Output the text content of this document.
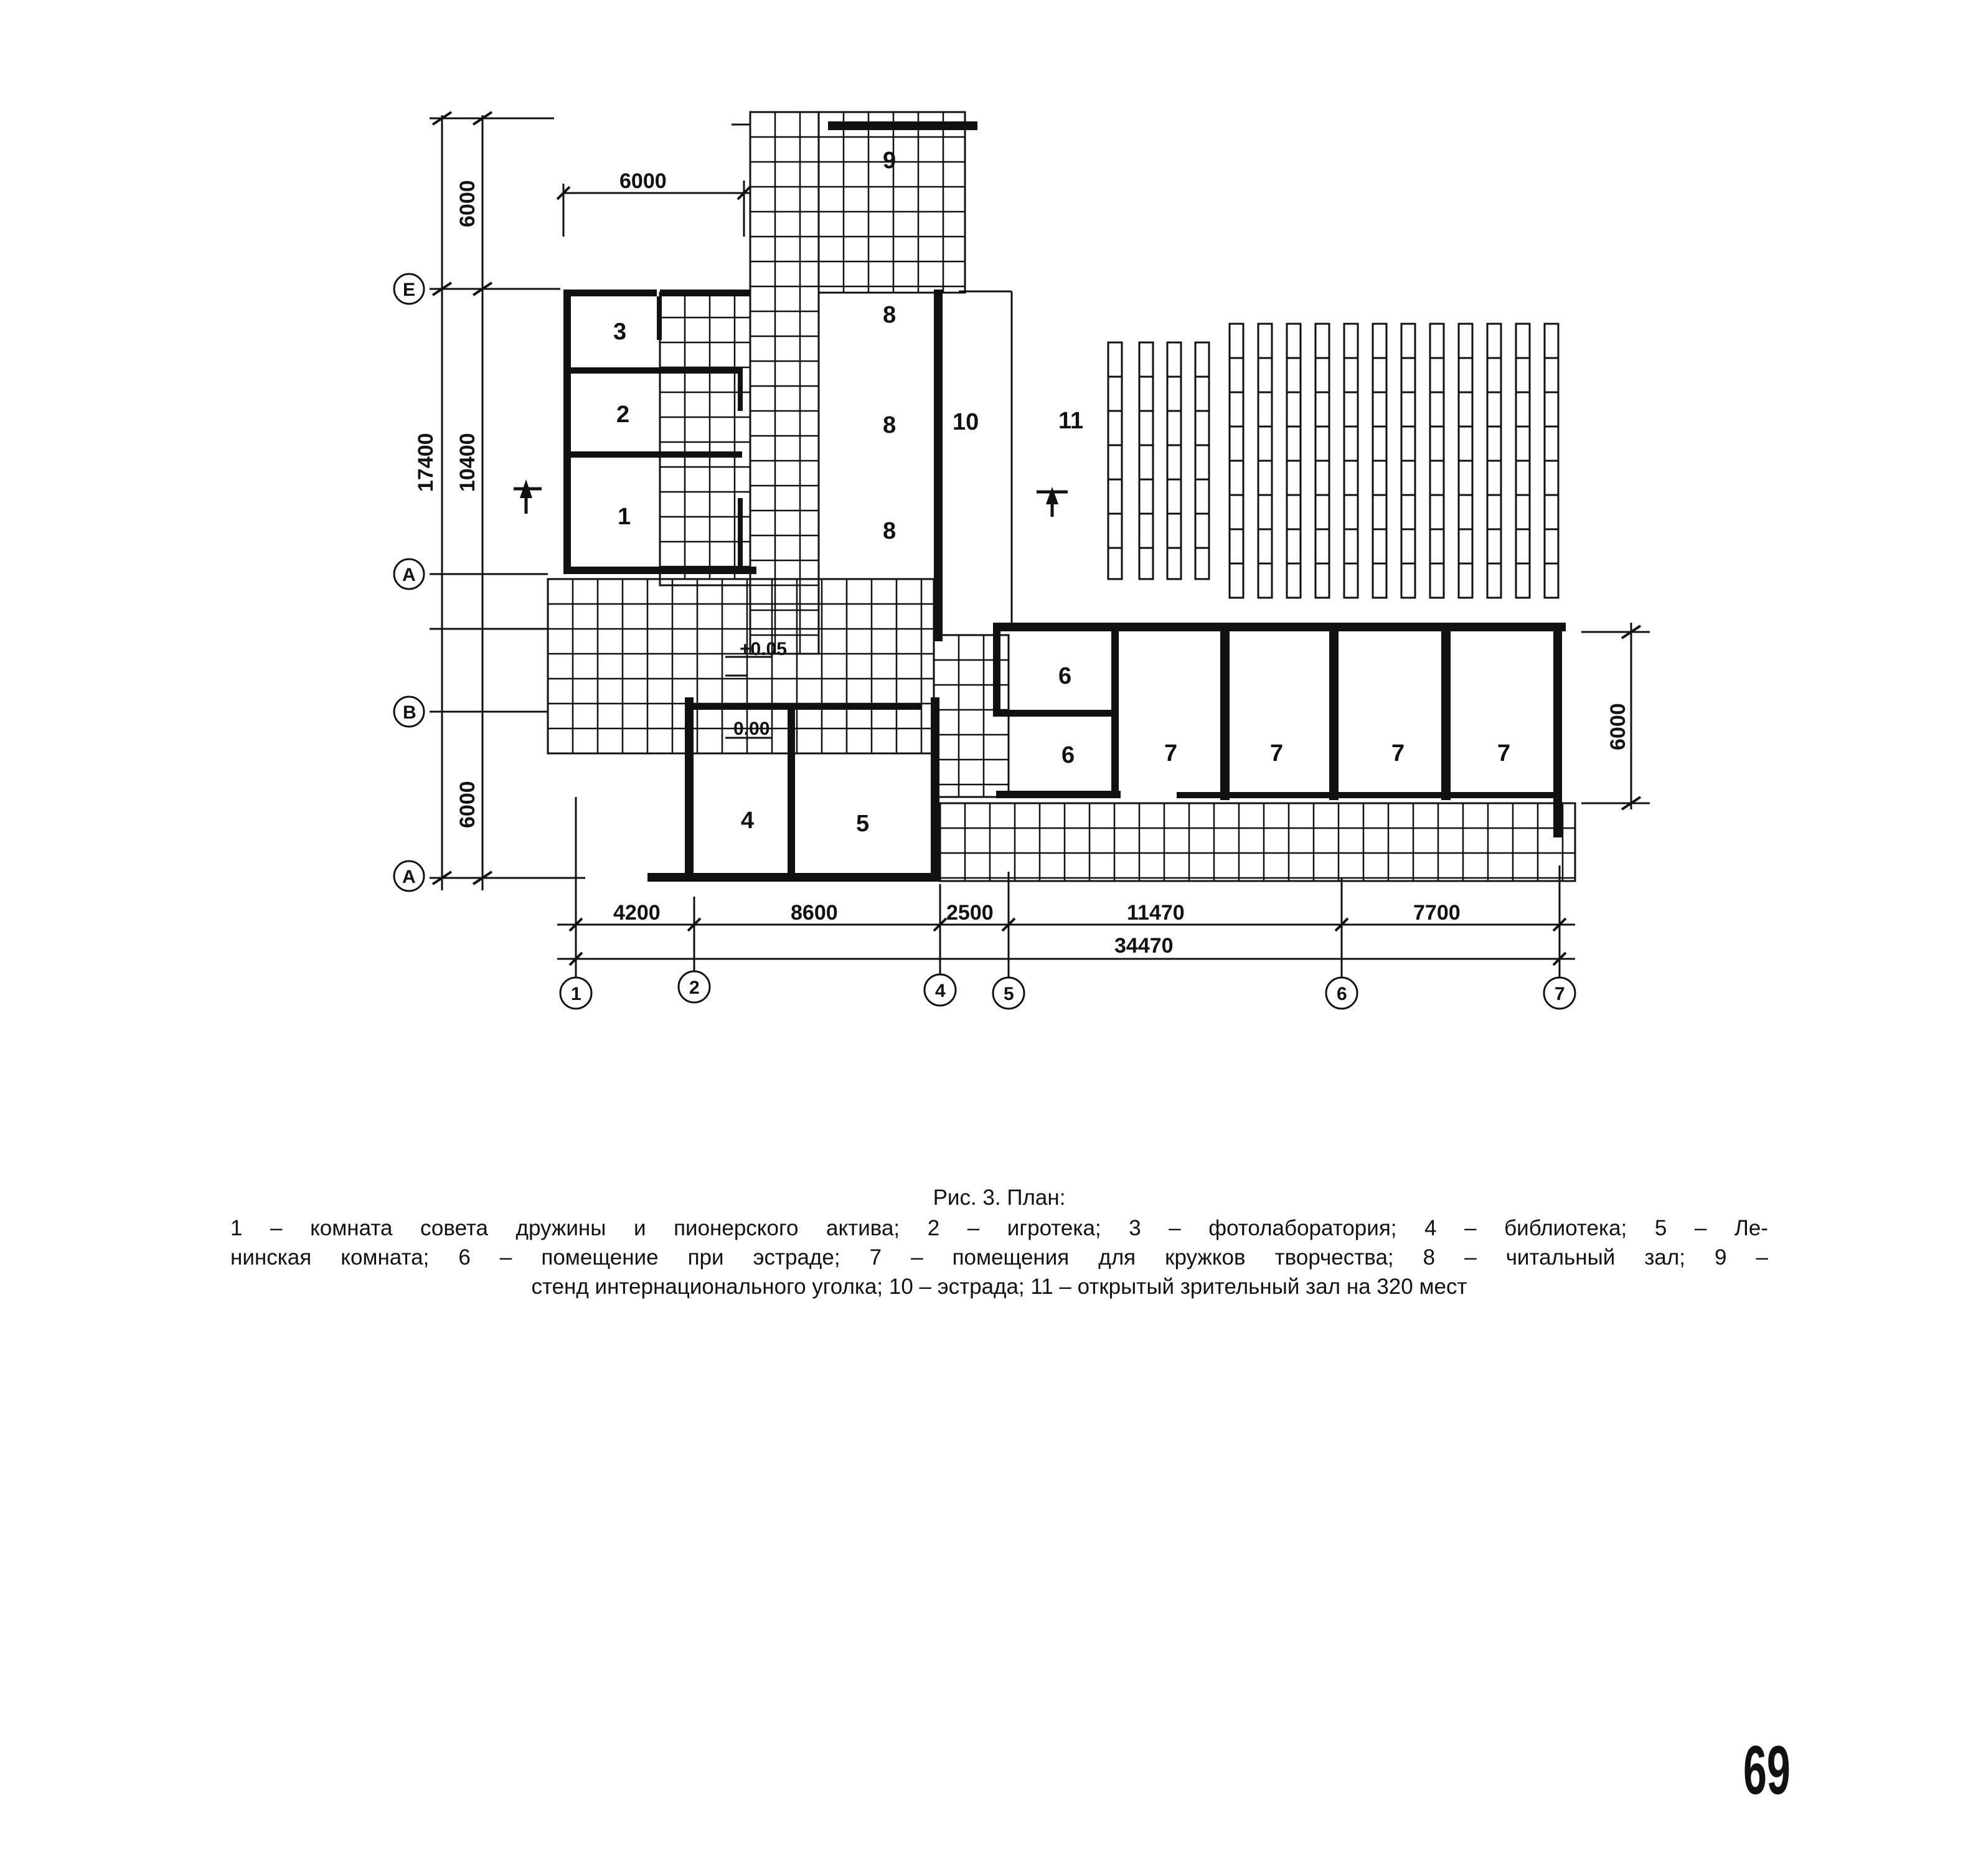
+0.05
0.00
1
2
3
4	5
6
6	7	7	7	7
8
8
8
9
10	11
6000
6000
17400 10400
6000
6000
4200	8600	2500	11470	7700
34470
E
A
B
A
1	2	4	5	6	7
Рис. 3. План:
1 – комната совета дружины и пионерского актива; 2 – игротека; 3 – фотолаборатория; 4 – библиотека; 5 – Ле-
нинская комната; 6 – помещение при эстраде; 7 – помещения для кружков творчества; 8 – читальный зал; 9 –
стенд интернационального уголка; 10 – эстрада; 11 – открытый зрительный зал на 320 мест
69
